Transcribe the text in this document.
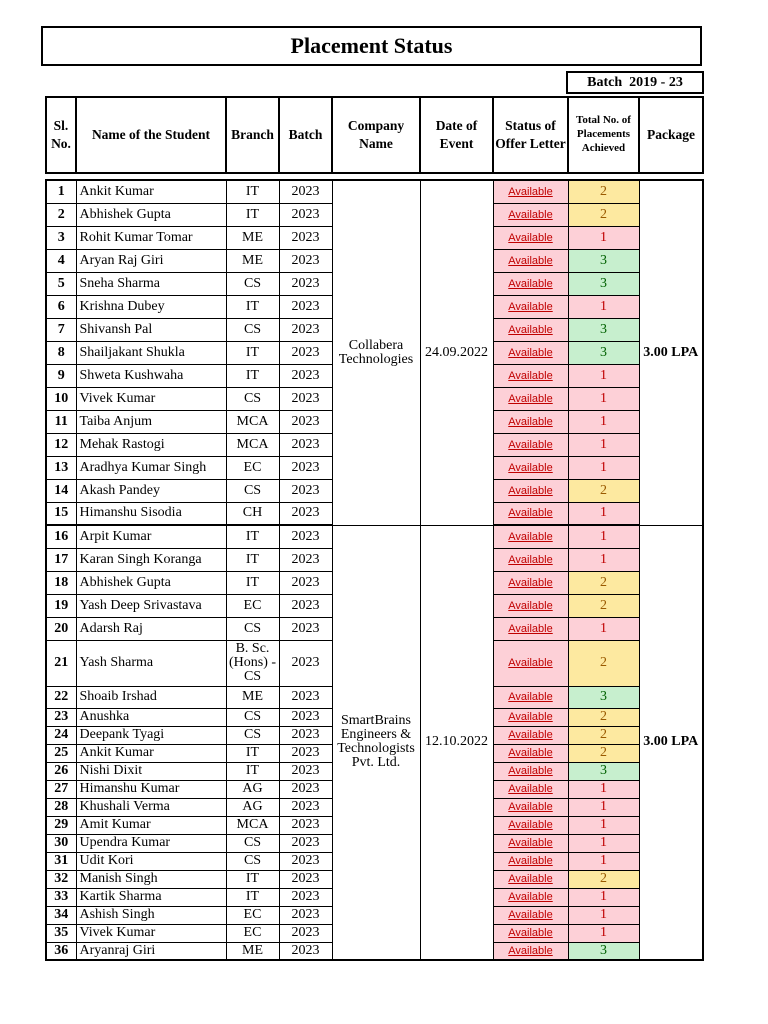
Placement Status
Batch  2019 - 23
Sl. No.	Name of the Student	Branch	Batch	Company Name	Date of Event	Status of Offer Letter	Total No. of Placements Achieved	Package
1	Ankit Kumar	IT	2023	Collabera Technologies	24.09.2022	Available	2	3.00 LPA
2	Abhishek Gupta	IT	2023			Available	2	
3	Rohit Kumar Tomar	ME	2023			Available	1	
4	Aryan Raj Giri	ME	2023			Available	3	
5	Sneha Sharma	CS	2023			Available	3	
6	Krishna Dubey	IT	2023			Available	1	
7	Shivansh Pal	CS	2023			Available	3	
8	Shailjakant Shukla	IT	2023			Available	3	
9	Shweta Kushwaha	IT	2023			Available	1	
10	Vivek Kumar	CS	2023			Available	1	
11	Taiba Anjum	MCA	2023			Available	1	
12	Mehak Rastogi	MCA	2023			Available	1	
13	Aradhya Kumar Singh	EC	2023			Available	1	
14	Akash Pandey	CS	2023			Available	2	
15	Himanshu Sisodia	CH	2023			Available	1	
16	Arpit Kumar	IT	2023	SmartBrains Engineers & Technologists Pvt. Ltd.	12.10.2022	Available	1	3.00 LPA
17	Karan Singh Koranga	IT	2023			Available	1	
18	Abhishek Gupta	IT	2023			Available	2	
19	Yash Deep Srivastava	EC	2023			Available	2	
20	Adarsh Raj	CS	2023			Available	1	
21	Yash Sharma	B. Sc. (Hons) - CS	2023			Available	2	
22	Shoaib Irshad	ME	2023			Available	3	
23	Anushka	CS	2023			Available	2	
24	Deepank Tyagi	CS	2023			Available	2	
25	Ankit Kumar	IT	2023			Available	2	
26	Nishi Dixit	IT	2023			Available	3	
27	Himanshu Kumar	AG	2023			Available	1	
28	Khushali Verma	AG	2023			Available	1	
29	Amit Kumar	MCA	2023			Available	1	
30	Upendra Kumar	CS	2023			Available	1	
31	Udit Kori	CS	2023			Available	1	
32	Manish Singh	IT	2023			Available	2	
33	Kartik Sharma	IT	2023			Available	1	
34	Ashish Singh	EC	2023			Available	1	
35	Vivek Kumar	EC	2023			Available	1	
36	Aryanraj Giri	ME	2023			Available	3	
